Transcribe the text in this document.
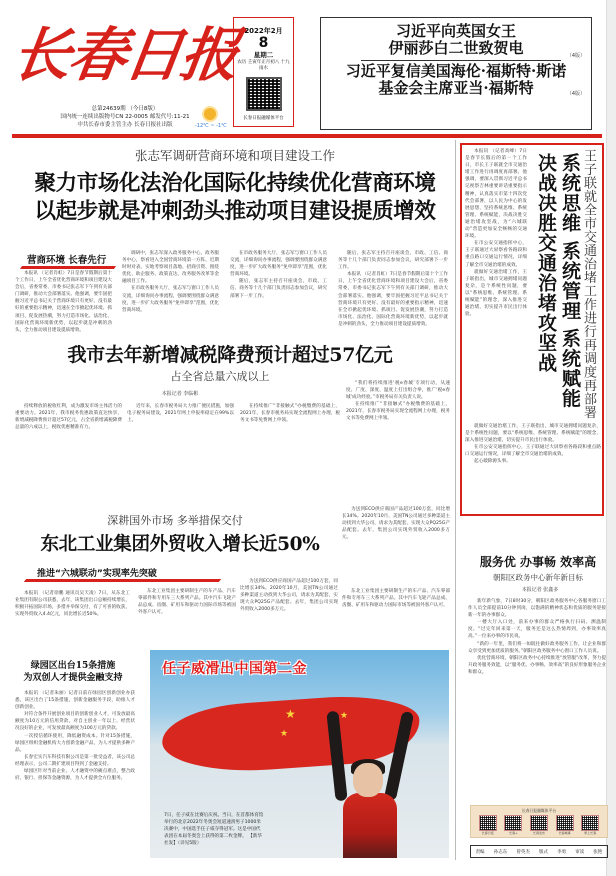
长春日报
总第24639期 （今日8版）
国内统一连续出版物号CN 22-0005 邮发代号:11-21
中共长春市委主管主办 长春日报社出版	-12℃ ~ -1℃
2022年2月
8
星期二
农历 壬寅年正月初八 十九 雨水
长春日报融媒体平台
习近平向英国女王
伊丽莎白二世致贺电	（4版）
习近平复信美国海伦·福斯特·斯诺
基金会主席亚当·福斯特	（4版）
张志军调研营商环境和项目建设工作
聚力市场化法治化国际化持续优化营商环境
以起步就是冲刺劲头推动项目建设提质增效
营商环境 长春先行

本报讯 （记者肖虹）7日是春节假期后第十个工作日，上午全省优化营商环境和项目建设大会后，省委常委、市委书记张志军下午到有关部门调研，推动大会部署落实。他强调，要牢固把握习近平总书记关于营商环境只有更好、没有最好的重要指示精神，迅速在全市掀起优环境、抓项目、促发展热潮，努力打造市场化、法治化、国际化营商环境新优势，以起步就是冲刺的劲头，全力推动项目建设提质增效。

调研中，张志军深入政务服务中心，政务服务中心，察看进入全国营商环境第一方阵、近期时时对表、实地考察项目落地、招商引资、围绕优化、助企服务、政策直达、改务服务改革等金融项目工作。

在市政务服务大厅，张志军与窗口工作人员交流，详细询问办事流程，强调要围绕群众满意度，进一步扩大政务服务“免申即享”范围，优化营商环境。

在市政务服务大厅，张志军与窗口工作人员交流，详细询问办事流程，强调要围绕群众满意度，进一步扩大政务服务“免申即享”范围，优化营商环境。

随后，张志军主持召开座谈会，市政、工信、商务等十几个部门负责同志参加会议，研究部署下一步工作。

随后，张志军主持召开座谈会，市政、工信、商务等十几个部门负责同志参加会议，研究部署下一步工作。

本报讯 （记者肖虹）7日是春节假期后第十个工作日，上午全省优化营商环境和项目建设大会后，省委常委、市委书记张志军下午到有关部门调研，推动大会部署落实。他强调，要牢固把握习近平总书记关于营商环境只有更好、没有最好的重要指示精神，迅速在全市掀起优环境、抓项目、促发展热潮，努力打造市场化、法治化、国际化营商环境新优势，以起步就是冲刺的劲头，全力推动项目建设提质增效。

我市去年新增减税降费预计超过57亿元
占全省总量六成以上
本报记者 李临彬

持续释放的税收红利，成为激发市场主体活力的重要动力。2021年，我市税务优惠政策直达快享，新增减税降费预计超过57亿元，占全省新增减税降费总量的六成以上，税收优惠精准有力。

近年来，长春市税务局大力推广便民措施，加强电子税务局建设，2021年网上申报率稳定在99%以上。

在持续推广“非接触式”办税缴费的基础上，2021年，长春市税务局实现全流程网上办理，税务文书等免费网上申领。

“我们将持续推进‘税e春城’专项行动，从速度、广度、深度、温度上打出组合拳，推广‘税e春城’成功经验。”市税务局有关负责人说。

在持续推广“非接触式”办税缴费的基础上，2021年，长春市税务局实现全流程网上办理，税务文书等免费网上申领。

深耕国外市场 多举措保交付
东北工业集团外贸收入增长近50%

为送到ECO供应商国产品超过100万套，同比增长34%。2020年10月，美国TN公司通过多种渠道主动找到大华公司，请求为其配套，实现大众PQ25G产品配套。去年，集团公司实现外贸收入2000多万元。

推进“六城联动”实现率先突破

本报讯 （记者徐鹏 通讯员吴天凌）7日，从东北工业集团有限公司获悉，去年，该集团出口总额持续增长，积极开拓国际市场，多措并举保交付，有了可喜的收获，实现外贸收入4.4亿元，同比增长近50%。

东北工业集团主要研制生产的车产品、汽车零部件和专用车三大系列产品。其中汽车飞轮产品总成、齿圈、矿用车和驱动力国际市场等被国外客户认可。

为送到ECO供应商国产品超过100万套，同比增长34%。2020年10月，美国TN公司通过多种渠道主动找到大华公司，请求为其配套，实现大众PQ25G产品配套。去年，集团公司实现外贸收入2000多万元。

东北工业集团主要研制生产的车产品、汽车零部件和专用车三大系列产品。其中汽车飞轮产品总成、齿圈、矿用车和驱动力国际市场等被国外客户认可。

绿园区出台15条措施
为双创人才提供金融支持

本报讯 （记者朱丽）记者日前在绿园区创新创业办获悉，该区出台了15条措施，创新金融服务手段，助推人才创新创业。

对符合条件开展创业项目的创新创业人才，可发放最高额度为10万元的信用贷款，对自主创业一年以上、经营状况良好的企业，可发放最高额度为100万元的贷款。

一次授信循环使用，降低融资成本。针对15条措施，绿园区组织金融机构大力创新金融产品，为人才提供多种产品。

长春宏实汽车科技有限公司是第一批受益者，该公司总经理表示，公司二期扩建项目得到了金融支持。

绿园区针对当前企业、人才融资中的痛点难点，整合政府、银行、担保等金融资源，为人才提供全方位服务。

★
★
★
任子威滑出中国第二金
7日，任子威在比赛后庆祝。当日，在首都体育馆举行的北京2022年冬奥会短道速滑男子1000米决赛中，中国选手任子威夺得冠军。这是中国代表团在本届冬奥会上获得的第二枚金牌。 【新华社发】（详见5版）
王子联就全市交通治堵工作进行再调度再部署
系统思维 系统管理 系统赋能
决战决胜交通治堵攻坚战

本报讯 （记者高峰）7日是春节长假后的第一个工作日，市长王子联就全市交通治堵工作进行再调度再部署。他强调，要深入贯彻习近平总书记视察吉林重要讲话重要指示精神，认真落实市第十四次党代会部署，以人民为中心的发展思想，坚持系统思维、系统管理、系统赋能，决战决胜交通治堵攻坚战，为“六城联动”营造更加安全畅畅的交通环境。

在市公安交通指挥中心，王子联通过大屏察看各路段和重点路口交通运行情况，详细了解全市交通治堵的成效。

就做好交通治堵工作，王子联指出，城市交通拥堵问题复杂，是个系统性问题，要以“系统思维、系统管理、系统赋能”的理念，深入推进交通治堵，切实提升市民出行体验。

就做好交通治堵工作，王子联指出，城市交通拥堵问题复杂，是个系统性问题，要以“系统思维、系统管理、系统赋能”的理念，深入推进交通治堵，切实提升市民出行体验。

在市公安交通指挥中心，王子联通过大屏察看各路段和重点路口交通运行情况，详细了解全市交通治堵的成效。

起心破除源头事。

服务优 办事畅 效率高
朝阳区政务中心新年新目标
本报记者 张鑫多

新年新气象，7日8时30分，朝阳区政务服务中心各服务窗口工作人员全部提前10分钟到岗，以饱满的精神状态和优质的服务迎接新一年的办事群众。

一楼大厅入口处，前来办事的群众严格执行扫码、测温制度。“过完年回来第一天，服务还是这么热情周到，办事效率真高。”一位来办事的市民说。

“新的一年里，我们将一如既往做好政务服务工作，让企业和群众享受到更加优质的服务。”朝阳区政务服务中心窗口工作人员说。

优化营商环境，朝阳区政务中心持续推进“放管服”改革，努力提升政务服务效能，以“服务优、办事畅、效率高”的良好形象服务企业和群众。

长春日报融媒体平台
长春日报	长春+	长春发布	长春城事	掌上长春
责编 孙志东 曾英杰 版式 李勇 审读 张艳
